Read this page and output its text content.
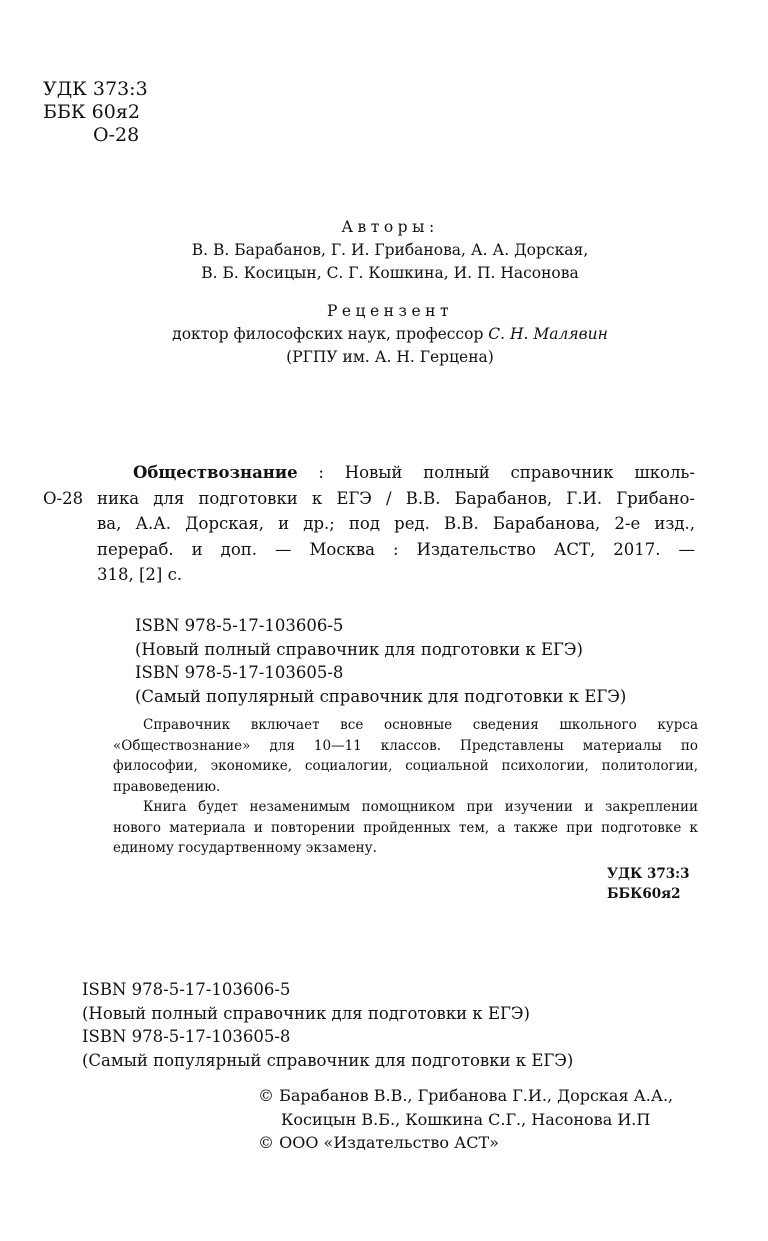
УДК 373:3
ББК 60я2
О-28
Авторы:
В. В. Барабанов, Г. И. Грибанова, А. А. Дорская,
В. Б. Косицын, С. Г. Кошкина, И. П. Насонова
Рецензент
доктор философских наук, профессор С. Н. Малявин
(РГПУ им. А. Н. Герцена)
О-28
Обществознание : Новый полный справочник школь-
ника для подготовки к ЕГЭ / В.В. Барабанов, Г.И. Грибано-
ва, А.А. Дорская, и др.; под ред. В.В. Барабанова, 2-е изд.,
перераб. и доп. — Москва : Издательство АСТ, 2017. —
318, [2] с.
ISBN 978-5-17-103606-5
(Новый полный справочник для подготовки к ЕГЭ)
ISBN 978-5-17-103605-8
(Самый популярный справочник для подготовки к ЕГЭ)

Справочник включает все основные сведения школьного курса «Обществознание» для 10—11 классов. Представлены материалы по философии, экономике, социалогии, социальной психологии, политологии, правоведению.

Книга будет незаменимым помощником при изучении и закреплении нового материала и повторении пройденных тем, а также при подготовке к единому государтвенному экзамену.

УДК 373:3
ББК60я2
ISBN 978-5-17-103606-5
(Новый полный справочник для подготовки к ЕГЭ)
ISBN 978-5-17-103605-8
(Самый популярный справочник для подготовки к ЕГЭ)
© Барабанов В.В., Грибанова Г.И., Дорская А.А.,
Косицын В.Б., Кошкина С.Г., Насонова И.П
© ООО «Издательство АСТ»
